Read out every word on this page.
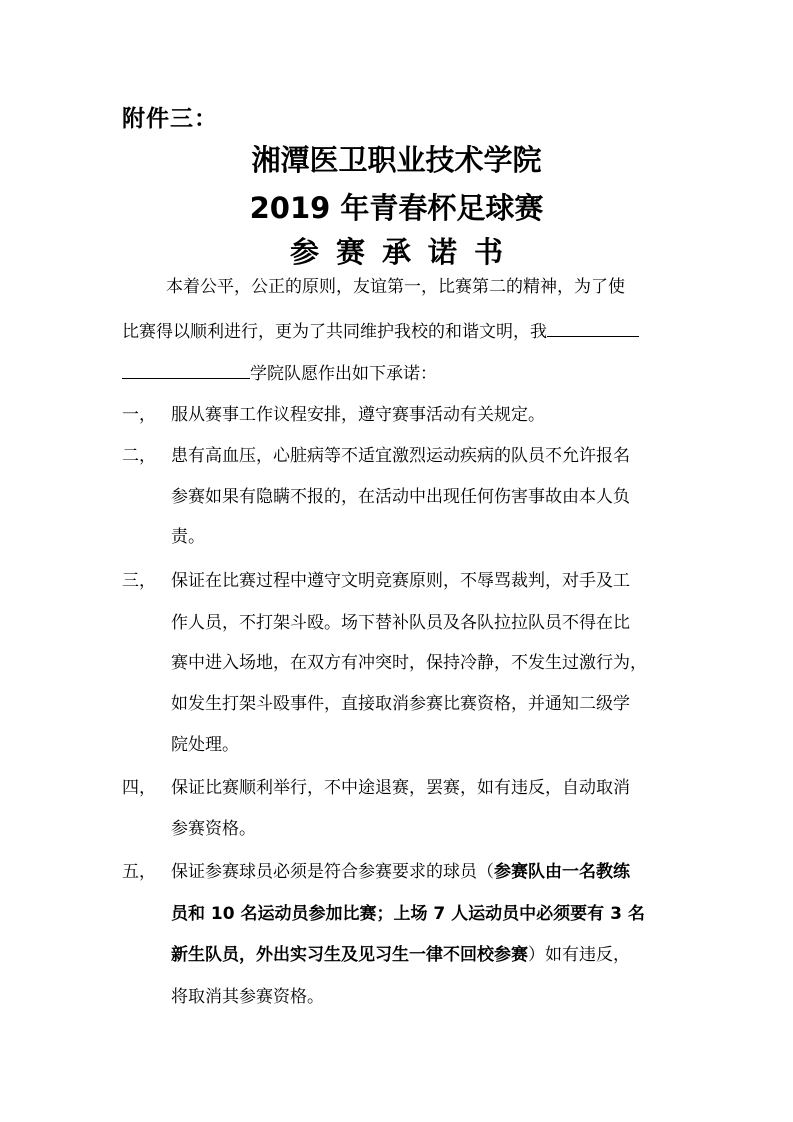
附件三：
湘潭医卫职业技术学院
2019 年青春杯足球赛
参赛承诺书
本着公平，公正的原则，友谊第一，比赛第二的精神，为了使
比赛得以顺利进行，更为了共同维护我校的和谐文明，我
学院队愿作出如下承诺：
一， 服从赛事工作议程安排，遵守赛事活动有关规定。
二， 患有高血压，心脏病等不适宜激烈运动疾病的队员不允许报名
参赛如果有隐瞒不报的，在活动中出现任何伤害事故由本人负
责。
三， 保证在比赛过程中遵守文明竞赛原则，不辱骂裁判，对手及工
作人员，不打架斗殴。场下替补队员及各队拉拉队员不得在比
赛中进入场地，在双方有冲突时，保持冷静，不发生过激行为，
如发生打架斗殴事件，直接取消参赛比赛资格，并通知二级学
院处理。
四， 保证比赛顺利举行，不中途退赛，罢赛，如有违反，自动取消
参赛资格。
五， 保证参赛球员必须是符合参赛要求的球员（参赛队由一名教练
员和 10 名运动员参加比赛；上场 7 人运动员中必须要有 3 名
新生队员，外出实习生及见习生一律不回校参赛）如有违反，
将取消其参赛资格。
